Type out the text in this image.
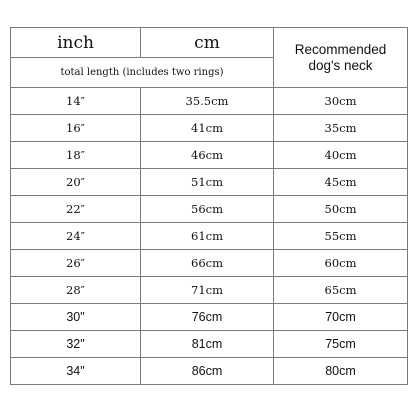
inch	cm	Recommended
dog's neck

total length (includes two rings)		
14″	35.5cm	30cm
16″	41cm	35cm
18″	46cm	40cm
20″	51cm	45cm
22″	56cm	50cm
24″	61cm	55cm
26″	66cm	60cm
28″	71cm	65cm
30"	76cm	70cm
32"	81cm	75cm
34"	86cm	80cm
